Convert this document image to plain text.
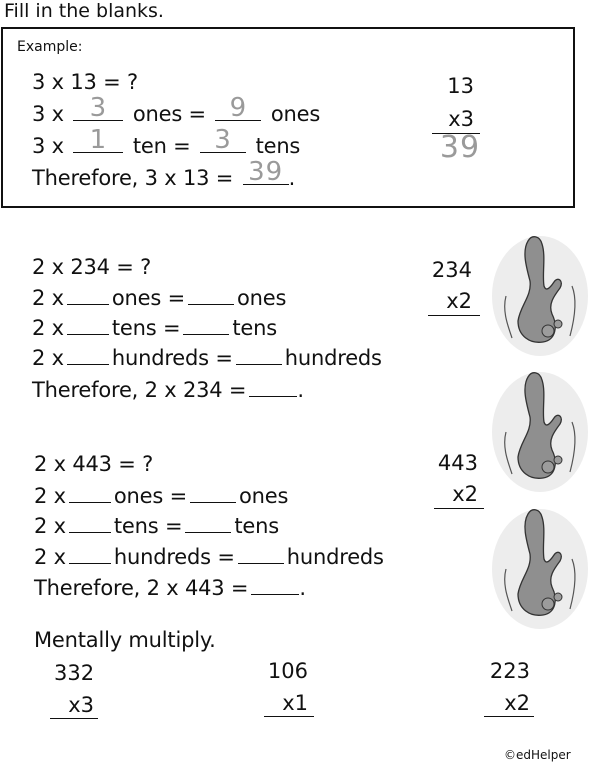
Fill in the blanks.
Example:
3 x 13 = ?
3 x 3	ones = 9	ones
3 x 1	ten = 3	tens
Therefore, 3 x 13 = 39 .
13
x3
39
2 x 234 = ?
2 x ones = ones
2 x tens = tens
2 x hundreds = hundreds
Therefore, 2 x 234 = .
234
x2
2 x 443 = ?
2 x ones = ones
2 x tens = tens
2 x hundreds = hundreds
Therefore, 2 x 443 = .
443
x2
Mentally multiply.
332
x3
106
x1
223
x2
©edHelper
